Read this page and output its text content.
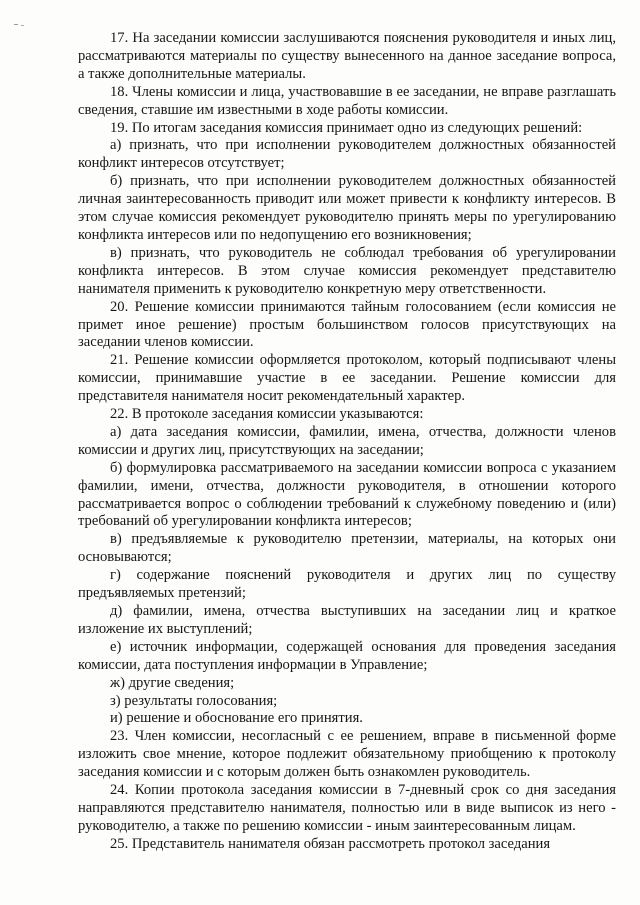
17. На заседании комиссии заслушиваются пояснения руководителя и иных лиц, рассматриваются материалы по существу вынесенного на данное заседание вопроса, а также дополнительные материалы.

18. Члены комиссии и лица, участвовавшие в ее заседании, не вправе разглашать сведения, ставшие им известными в ходе работы комиссии.

19. По итогам заседания комиссия принимает одно из следующих решений:

а) признать, что при исполнении руководителем должностных обязанностей конфликт интересов отсутствует;

б) признать, что при исполнении руководителем должностных обязанностей личная заинтересованность приводит или может привести к конфликту интересов. В этом случае комиссия рекомендует руководителю принять меры по урегулированию конфликта интересов или по недопущению его возникновения;

в) признать, что руководитель не соблюдал требования об урегулировании конфликта интересов. В этом случае комиссия рекомендует представителю нанимателя применить к руководителю конкретную меру ответственности.

20. Решение комиссии принимаются тайным голосованием (если комиссия не примет иное решение) простым большинством голосов присутствующих на заседании членов комиссии.

21. Решение комиссии оформляется протоколом, который подписывают члены комиссии, принимавшие участие в ее заседании. Решение комиссии для представителя нанимателя носит рекомендательный характер.

22. В протоколе заседания комиссии указываются:

а) дата заседания комиссии, фамилии, имена, отчества, должности членов комиссии и других лиц, присутствующих на заседании;

б) формулировка рассматриваемого на заседании комиссии вопроса с указанием фамилии, имени, отчества, должности руководителя, в отношении которого рассматривается вопрос о соблюдении требований к служебному поведению и (или) требований об урегулировании конфликта интересов;

в) предъявляемые к руководителю претензии, материалы, на которых они основываются;

г) содержание пояснений руководителя и других лиц по существу предъявляемых претензий;

д) фамилии, имена, отчества выступивших на заседании лиц и краткое изложение их выступлений;

е) источник информации, содержащей основания для проведения заседания комиссии, дата поступления информации в Управление;

ж) другие сведения;

з) результаты голосования;

и) решение и обоснование его принятия.

23. Член комиссии, несогласный с ее решением, вправе в письменной форме изложить свое мнение, которое подлежит обязательному приобщению к протоколу заседания комиссии и с которым должен быть ознакомлен руководитель.

24. Копии протокола заседания комиссии в 7-дневный срок со дня заседания направляются представителю нанимателя, полностью или в виде выписок из него - руководителю, а также по решению комиссии - иным заинтересованным лицам.

25. Представитель нанимателя обязан рассмотреть протокол заседания
